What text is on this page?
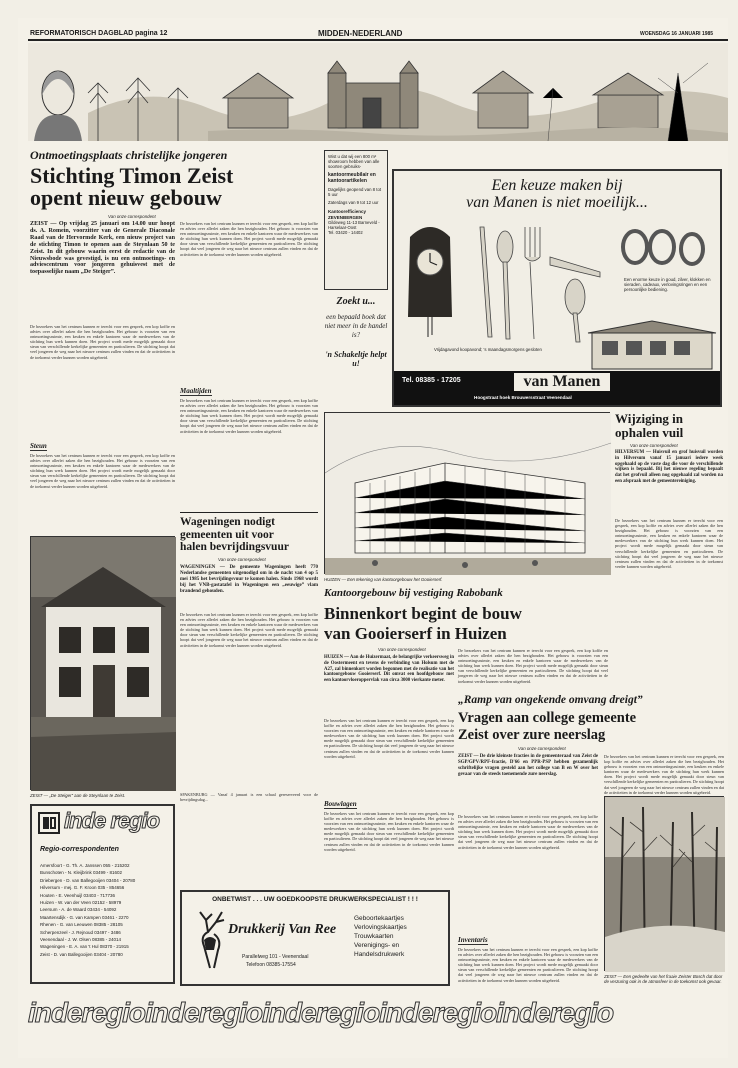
REFORMATORISCH DAGBLAD pagina 12	MIDDEN-NEDERLAND	WOENSDAG 16 JANUARI 1985
Ontmoetingsplaats christelijke jongeren
Stichting Timon Zeist
opent nieuw gebouw
Van onze correspondent
ZEIST — Op vrijdag 25 januari om 14.00 uur hoopt ds. A. Romein, voorzitter van de Generale Diaconale Raad van de Hervormde Kerk, een nieuw project van de stichting Timon te openen aan de Steynlaan 50 te Zeist. In dit gebouw waarin eerst de redactie van de Nieuwsbode was gevestigd, is nu een ontmoetings- en adviescentrum voor jongeren gehuisvest met de toepasselijke naam „De Steiger”.
De bezoekers van het centrum kunnen er terecht voor een gesprek, een kop koffie en advies over allerlei zaken die hen bezighouden. Het gebouw is voorzien van een ontmoetingsruimte, een keuken en enkele kantoren waar de medewerkers van de stichting hun werk kunnen doen. Het project wordt mede mogelijk gemaakt door steun van verschillende kerkelijke gemeenten en particulieren. De stichting hoopt dat veel jongeren de weg naar het nieuwe centrum zullen vinden en dat de activiteiten in de toekomst verder kunnen worden uitgebreid.
Steun
De bezoekers van het centrum kunnen er terecht voor een gesprek, een kop koffie en advies over allerlei zaken die hen bezighouden. Het gebouw is voorzien van een ontmoetingsruimte, een keuken en enkele kantoren waar de medewerkers van de stichting hun werk kunnen doen. Het project wordt mede mogelijk gemaakt door steun van verschillende kerkelijke gemeenten en particulieren. De stichting hoopt dat veel jongeren de weg naar het nieuwe centrum zullen vinden en dat de activiteiten in de toekomst verder kunnen worden uitgebreid.
De bezoekers van het centrum kunnen er terecht voor een gesprek, een kop koffie en advies over allerlei zaken die hen bezighouden. Het gebouw is voorzien van een ontmoetingsruimte, een keuken en enkele kantoren waar de medewerkers van de stichting hun werk kunnen doen. Het project wordt mede mogelijk gemaakt door steun van verschillende kerkelijke gemeenten en particulieren. De stichting hoopt dat veel jongeren de weg naar het nieuwe centrum zullen vinden en dat de activiteiten in de toekomst verder kunnen worden uitgebreid.
Maaltijden
De bezoekers van het centrum kunnen er terecht voor een gesprek, een kop koffie en advies over allerlei zaken die hen bezighouden. Het gebouw is voorzien van een ontmoetingsruimte, een keuken en enkele kantoren waar de medewerkers van de stichting hun werk kunnen doen. Het project wordt mede mogelijk gemaakt door steun van verschillende kerkelijke gemeenten en particulieren. De stichting hoopt dat veel jongeren de weg naar het nieuwe centrum zullen vinden en dat de activiteiten in de toekomst verder kunnen worden uitgebreid.
ZEIST — „De Steiger” aan de Steynlaan te Zeist.
Wageningen nodigt
gemeenten uit voor
halen bevrijdingsvuur
Van onze correspondent
WAGENINGEN — De gemeente Wageningen heeft 770 Nederlandse gemeenten uitgenodigd om in de nacht van 4 op 5 mei 1985 het bevrijdingsvuur te komen halen. Sinds 1968 wordt bij het VNB-gastatafel in Wageningen een „eeuwige” vlam brandend gehouden.
De bezoekers van het centrum kunnen er terecht voor een gesprek, een kop koffie en advies over allerlei zaken die hen bezighouden. Het gebouw is voorzien van een ontmoetingsruimte, een keuken en enkele kantoren waar de medewerkers van de stichting hun werk kunnen doen. Het project wordt mede mogelijk gemaakt door steun van verschillende kerkelijke gemeenten en particulieren. De stichting hoopt dat veel jongeren de weg naar het nieuwe centrum zullen vinden en dat de activiteiten in de toekomst verder kunnen worden uitgebreid.
SPAKENBURG — Vanaf 4 januari is een schaal gereserveerd voor de bevrijdingsdag...
Wist u dat wij een 800 m² showroom hebben van alle soorten gebruiks-
kantoormeubilair en kantoorartikelen
Dagelijks geopend van 8 tot 5 uur
Zaterdags van 9 tot 12 uur
Kantoorefficiency ZEVENBERGEN
Gildeweg 11-13 Barneveld - Harselaar-Oost
Tel. 03420 - 14402
Zoekt u...
een bepaald boek dat niet meer in de handel is?
'n Schakeltje helpt u!
Een keuze maken bij
van Manen is niet moeilijk...
Een enorme keuze in goud, zilver, klokken en sieraden, cadeaux, verlovingsringen en een persoonlijke bediening.
Vrijdagavond koopavond; 's maandagsmorgens gesloten
Tel. 08385 - 17205	van Manen
Hoogstraat hoek Brouwersstraat Veenendaal
HUIZEN — Een tekening van kantoorgebouw het Gooierserf.
Wijziging in
ophalen vuil
Van onze correspondent
HILVERSUM — Huisvuil en grof huisvuil worden in Hilversum vanaf 15 januari iedere week opgehaald op de vaste dag die voor de verschillende wijken is bepaald. Bij het nieuwe regeling bepaalt dat het grofvuil alleen nog opgehaald zal worden na een afspraak met de gemeentereiniging.
De bezoekers van het centrum kunnen er terecht voor een gesprek, een kop koffie en advies over allerlei zaken die hen bezighouden. Het gebouw is voorzien van een ontmoetingsruimte, een keuken en enkele kantoren waar de medewerkers van de stichting hun werk kunnen doen. Het project wordt mede mogelijk gemaakt door steun van verschillende kerkelijke gemeenten en particulieren. De stichting hoopt dat veel jongeren de weg naar het nieuwe centrum zullen vinden en dat de activiteiten in de toekomst verder kunnen worden uitgebreid.
Kantoorgebouw bij vestiging Rabobank
Binnenkort begint de bouw
van Gooierserf in Huizen
Van onze correspondent
HUIZEN — Aan de Huizermaat, de belangrijke verkeersweg in de Oostermeent en tevens de verbinding van Holsum met de A27, zal binnenkort worden begonnen met de realisatie van het kantoorgebouw Gooierserf. Dit omvat een hoofdgebouw met een kantoorvloeroppervlak van circa 3000 vierkante meter.
De bezoekers van het centrum kunnen er terecht voor een gesprek, een kop koffie en advies over allerlei zaken die hen bezighouden. Het gebouw is voorzien van een ontmoetingsruimte, een keuken en enkele kantoren waar de medewerkers van de stichting hun werk kunnen doen. Het project wordt mede mogelijk gemaakt door steun van verschillende kerkelijke gemeenten en particulieren. De stichting hoopt dat veel jongeren de weg naar het nieuwe centrum zullen vinden en dat de activiteiten in de toekomst verder kunnen worden uitgebreid.
Bouwlagen
De bezoekers van het centrum kunnen er terecht voor een gesprek, een kop koffie en advies over allerlei zaken die hen bezighouden. Het gebouw is voorzien van een ontmoetingsruimte, een keuken en enkele kantoren waar de medewerkers van de stichting hun werk kunnen doen. Het project wordt mede mogelijk gemaakt door steun van verschillende kerkelijke gemeenten en particulieren. De stichting hoopt dat veel jongeren de weg naar het nieuwe centrum zullen vinden en dat de activiteiten in de toekomst verder kunnen worden uitgebreid.
De bezoekers van het centrum kunnen er terecht voor een gesprek, een kop koffie en advies over allerlei zaken die hen bezighouden. Het gebouw is voorzien van een ontmoetingsruimte, een keuken en enkele kantoren waar de medewerkers van de stichting hun werk kunnen doen. Het project wordt mede mogelijk gemaakt door steun van verschillende kerkelijke gemeenten en particulieren. De stichting hoopt dat veel jongeren de weg naar het nieuwe centrum zullen vinden en dat de activiteiten in de toekomst verder kunnen worden uitgebreid.
„Ramp van ongekende omvang dreigt”
Vragen aan college gemeente
Zeist over zure neerslag
Van onze correspondent
ZEIST — De drie kleinste fracties in de gemeenteraad van Zeist de SGP/GPV/RPF-fractie, D'66 en PPR-PSP hebben gezamenlijk schriftelijke vragen gesteld aan het college van B en W over het gevaar van de steeds toenemende zure neerslag.
De bezoekers van het centrum kunnen er terecht voor een gesprek, een kop koffie en advies over allerlei zaken die hen bezighouden. Het gebouw is voorzien van een ontmoetingsruimte, een keuken en enkele kantoren waar de medewerkers van de stichting hun werk kunnen doen. Het project wordt mede mogelijk gemaakt door steun van verschillende kerkelijke gemeenten en particulieren. De stichting hoopt dat veel jongeren de weg naar het nieuwe centrum zullen vinden en dat de activiteiten in de toekomst verder kunnen worden uitgebreid.
Inventaris
De bezoekers van het centrum kunnen er terecht voor een gesprek, een kop koffie en advies over allerlei zaken die hen bezighouden. Het gebouw is voorzien van een ontmoetingsruimte, een keuken en enkele kantoren waar de medewerkers van de stichting hun werk kunnen doen. Het project wordt mede mogelijk gemaakt door steun van verschillende kerkelijke gemeenten en particulieren. De stichting hoopt dat veel jongeren de weg naar het nieuwe centrum zullen vinden en dat de activiteiten in de toekomst verder kunnen worden uitgebreid.
De bezoekers van het centrum kunnen er terecht voor een gesprek, een kop koffie en advies over allerlei zaken die hen bezighouden. Het gebouw is voorzien van een ontmoetingsruimte, een keuken en enkele kantoren waar de medewerkers van de stichting hun werk kunnen doen. Het project wordt mede mogelijk gemaakt door steun van verschillende kerkelijke gemeenten en particulieren. De stichting hoopt dat veel jongeren de weg naar het nieuwe centrum zullen vinden en dat de activiteiten in de toekomst verder kunnen worden uitgebreid.
ZEIST — Een gedeelte van het fraaie Zeister Bosch dat door de verzuring ook in de atmosfeer in de toekomst ook gevaar.
inde regio
Regio-correspondenten
Amersfoort - G. Th. A. Janssen 055 - 215202
Bunschoten - N. Kleijbrink 03499 - 81602
Driebergen - D. van Ballegooijen 03404 - 20780
Hilversum - mej. G. F. Kroon 035 - 854656
Houten - E. Veenhuijl 03403 - 717736
Huizen - W. van der Veen 02152 - 58979
Leersum - A. de Waard 03434 - 54092
Maartensdijk - G. van Kampen 03461 - 2270
Rhenen - G. van Leeuwen 08385 - 28105
Scherpenzeel - J. Rejnoud 03497 - 3486
Veenendaal - J. W. Olsen 08385 - 24014
Wageningen - E. A. van 't Hul 08370 - 21915
Zeist - D. van Ballegooijen 03404 - 20780
ONBETWIST . . . UW GOEDKOOPSTE DRUKWERKSPECIALIST ! ! !
Drukkerij Van Ree
Parallelweg 101 - Veenendaal
Telefoon 08385-17554
Geboortekaartjes
Verlovingskaartjes
Trouwkaarten
Verenigings- en
Handelsdrukwerk
inderegioinderegioinderegioinderegioinderegio
